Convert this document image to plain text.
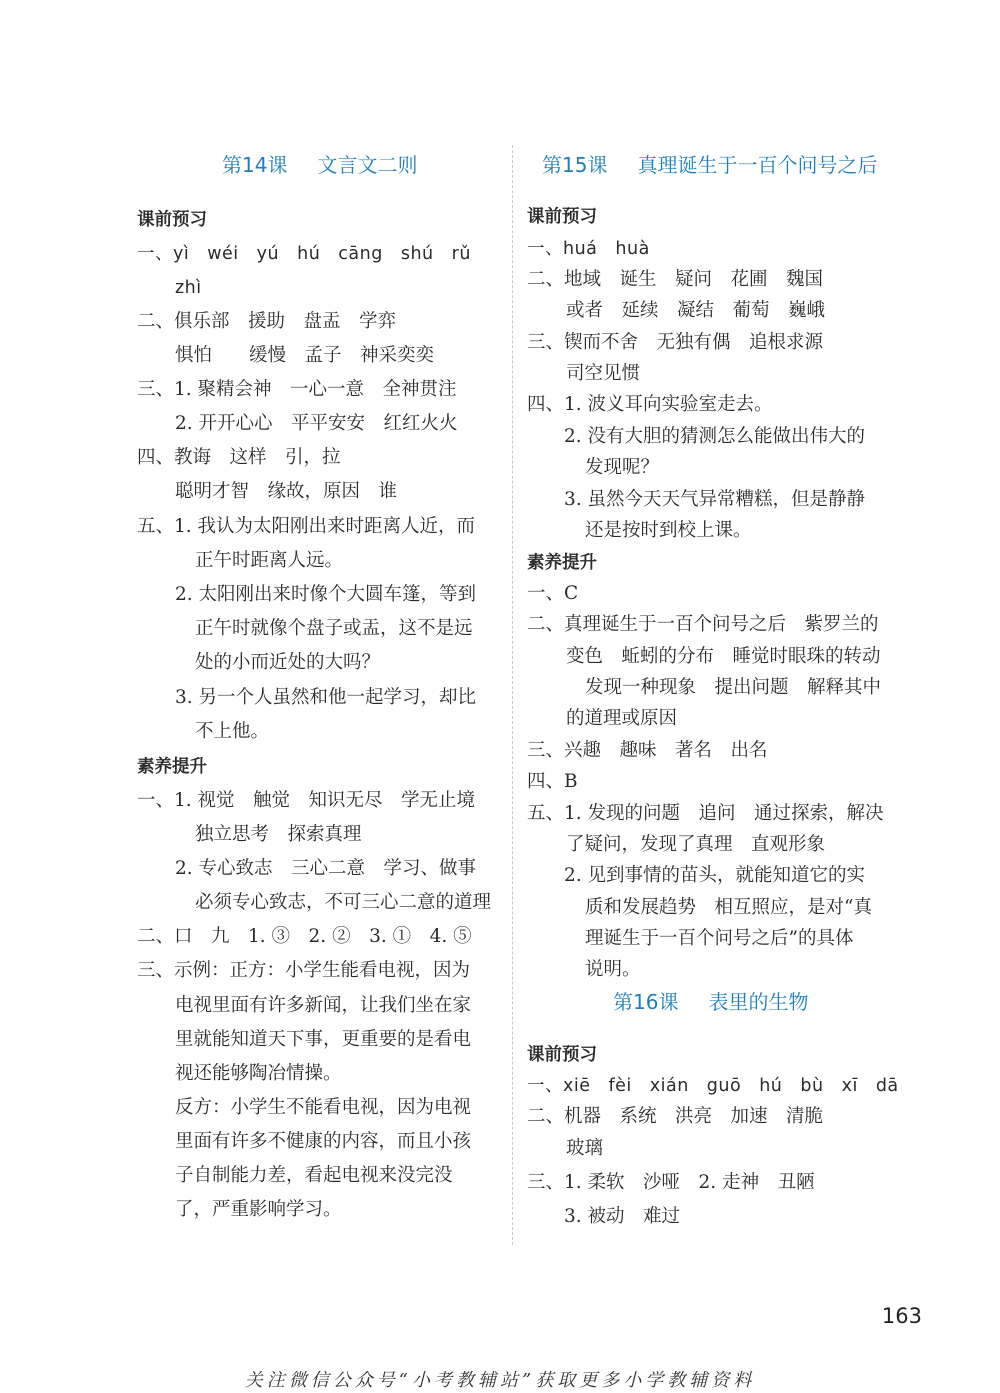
第14课 文言文二则
课前预习
一、yì　wéi　yú　hú　cāng　shú　rǔ
zhì
二、俱乐部　援助　盘盂　学弈
惧怕　　缓慢　孟子　神采奕奕
三、1. 聚精会神　一心一意　全神贯注
2. 开开心心　平平安安　红红火火
四、教诲　这样　引，拉
聪明才智　缘故，原因　谁
五、1. 我认为太阳刚出来时距离人近，而
正午时距离人远。
2. 太阳刚出来时像个大圆车篷，等到
正午时就像个盘子或盂，这不是远
处的小而近处的大吗？
3. 另一个人虽然和他一起学习，却比
不上他。
素养提升
一、1. 视觉　触觉　知识无尽　学无止境
独立思考　探索真理
2. 专心致志　三心二意　学习、做事
必须专心致志，不可三心二意的道理
二、口　九　1. ③　2. ②　3. ①　4. ⑤
三、示例：正方：小学生能看电视，因为
电视里面有许多新闻，让我们坐在家
里就能知道天下事，更重要的是看电
视还能够陶冶情操。
反方：小学生不能看电视，因为电视
里面有许多不健康的内容，而且小孩
子自制能力差，看起电视来没完没
了，严重影响学习。
第15课 真理诞生于一百个问号之后
课前预习
一、huá　huà
二、地域　诞生　疑问　花圃　魏国
或者　延续　凝结　葡萄　巍峨
三、锲而不舍　无独有偶　追根求源
司空见惯
四、1. 波义耳向实验室走去。
2. 没有大胆的猜测怎么能做出伟大的
发现呢？
3. 虽然今天天气异常糟糕，但是静静
还是按时到校上课。
素养提升
一、C
二、真理诞生于一百个问号之后　紫罗兰的
变色　蚯蚓的分布　睡觉时眼珠的转动
发现一种现象　提出问题　解释其中
的道理或原因
三、兴趣　趣味　著名　出名
四、B
五、1. 发现的问题　追问　通过探索，解决
了疑问，发现了真理　直观形象
2. 见到事情的苗头，就能知道它的实
质和发展趋势　相互照应，是对“真
理诞生于一百个问号之后”的具体
说明。
第16课 表里的生物
课前预习
一、xiē　fèi　xián　guō　hú　bù　xī　dā
二、机器　系统　洪亮　加速　清脆
玻璃
三、1. 柔软　沙哑　2. 走神　丑陋
3. 被动　难过
163
关注微信公众号“小考教辅站”获取更多小学教辅资料
